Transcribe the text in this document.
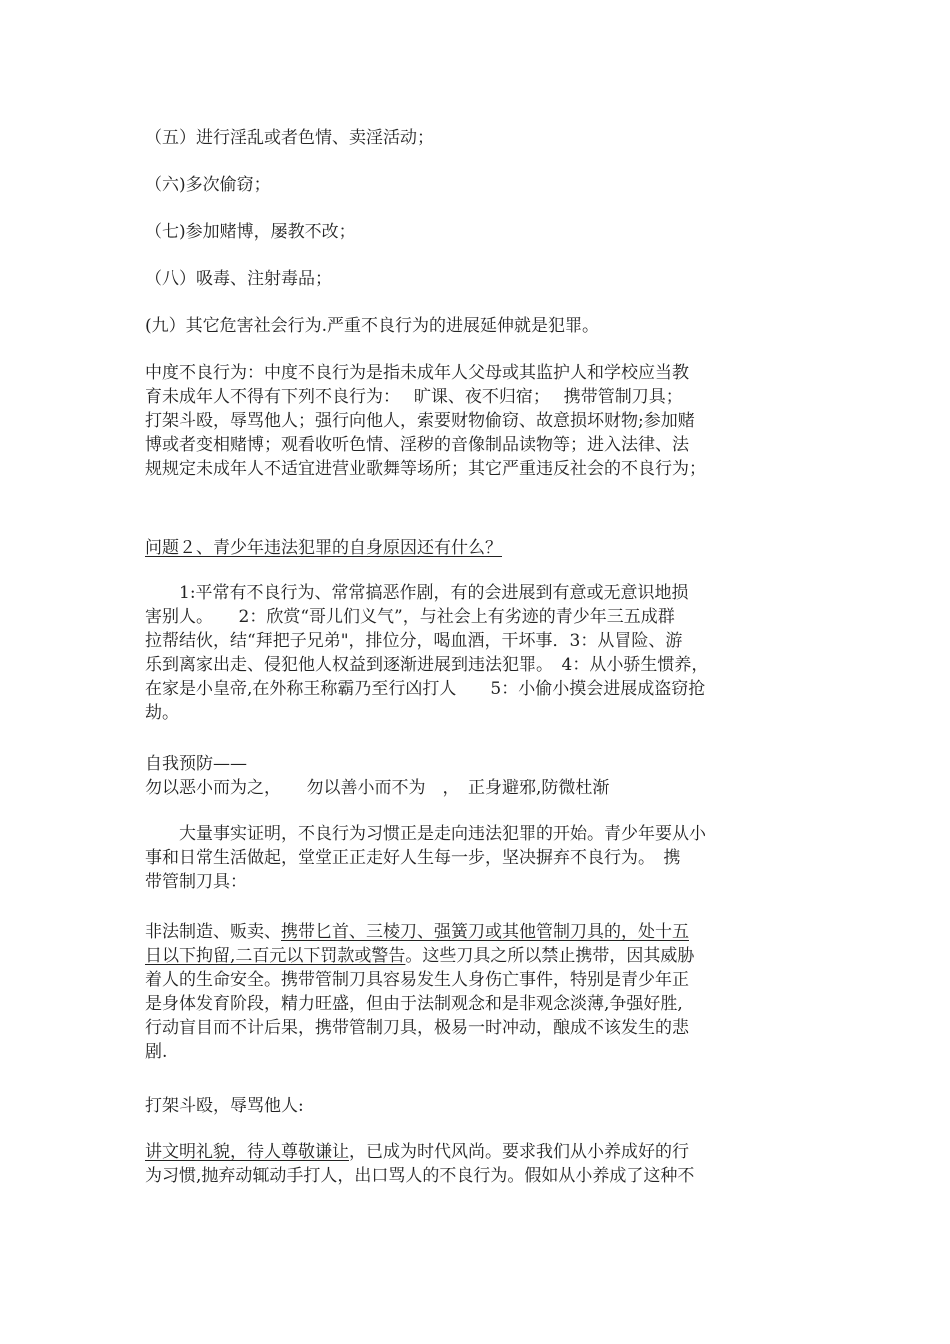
（五）进行淫乱或者色情、卖淫活动；
（六)多次偷窃；
（七)参加赌博，屡教不改；
（八）吸毒、注射毒品；
(九）其它危害社会行为.严重不良行为的进展延伸就是犯罪。
中度不良行为：中度不良行为是指未成年人父母或其监护人和学校应当教
育未成年人不得有下列不良行为：　 旷课、夜不归宿；　 携带管制刀具；
打架斗殴，辱骂他人；强行向他人，索要财物偷窃、故意损坏财物;参加赌
博或者变相赌博；观看收听色情、淫秽的音像制品读物等；进入法律、法
规规定未成年人不适宜进营业歌舞等场所；其它严重违反社会的不良行为；
问题２、青少年违法犯罪的自身原因还有什么？
　　1:平常有不良行为、常常搞恶作剧，有的会进展到有意或无意识地损
害别人。　　2：欣赏“哥儿们义气”，与社会上有劣迹的青少年三五成群
拉帮结伙，结“拜把子兄弟"，排位分，喝血酒，干坏事．3：从冒险、游
乐到离家出走、侵犯他人权益到逐渐进展到违法犯罪。　4：从小骄生惯养，
在家是小皇帝,在外称王称霸乃至行凶打人　　5：小偷小摸会进展成盗窃抢
劫。
自我预防——
勿以恶小而为之，　　勿以善小而不为　，　正身避邪,防微杜渐
　　大量事实证明，不良行为习惯正是走向违法犯罪的开始。青少年要从小
事和日常生活做起，堂堂正正走好人生每一步，坚决摒弃不良行为。　携
带管制刀具：
非法制造、贩卖、携带匕首、三棱刀、强簧刀或其他管制刀具的，处十五
日以下拘留,二百元以下罚款或警告。这些刀具之所以禁止携带，因其威胁
着人的生命安全。携带管制刀具容易发生人身伤亡事件，特别是青少年正
是身体发育阶段，精力旺盛，但由于法制观念和是非观念淡薄,争强好胜,
行动盲目而不计后果，携带管制刀具，极易一时冲动，酿成不该发生的悲
剧.
打架斗殴，辱骂他人:
讲文明礼貌，待人尊敬谦让，已成为时代风尚。要求我们从小养成好的行
为习惯,抛弃动辄动手打人，出口骂人的不良行为。假如从小养成了这种不
